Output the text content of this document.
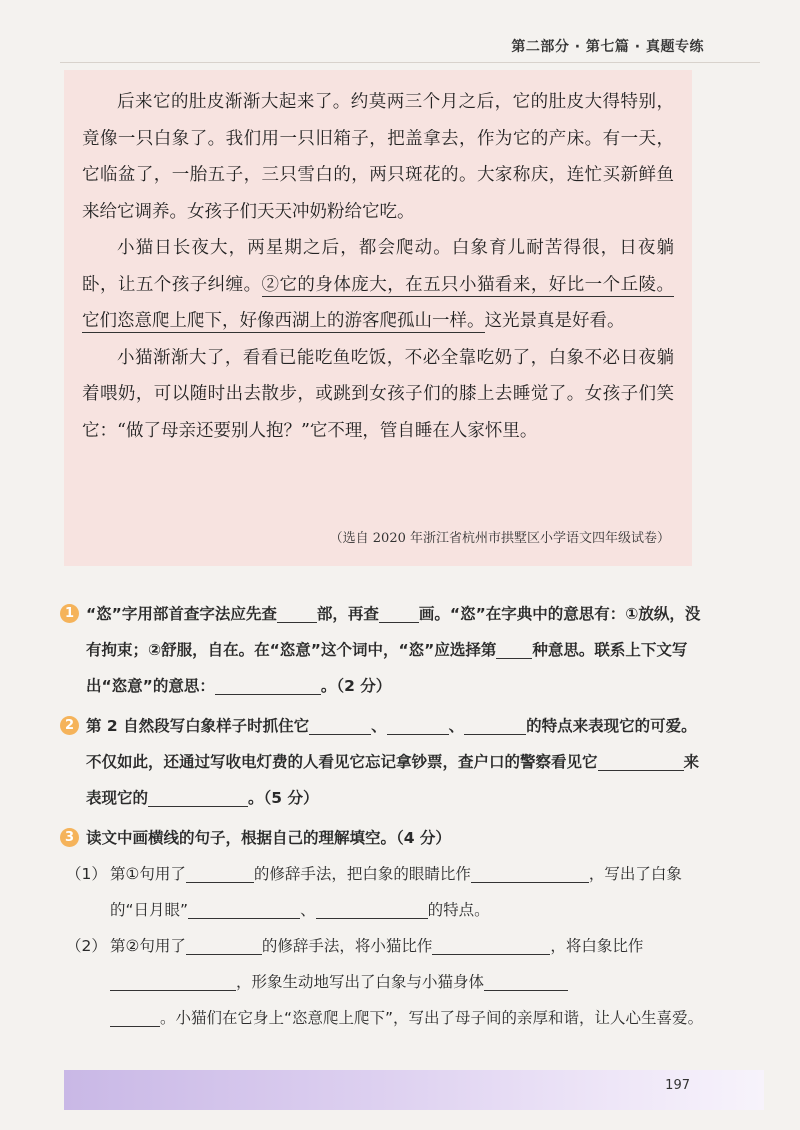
第二部分 · 第七篇 · 真题专练

后来它的肚皮渐渐大起来了。约莫两三个月之后，它的肚皮大得特别，竟像一只白象了。我们用一只旧箱子，把盖拿去，作为它的产床。有一天，它临盆了，一胎五子，三只雪白的，两只斑花的。大家称庆，连忙买新鲜鱼来给它调养。女孩子们天天冲奶粉给它吃。

小猫日长夜大，两星期之后，都会爬动。白象育儿耐苦得很，日夜躺卧，让五个孩子纠缠。②它的身体庞大，在五只小猫看来，好比一个丘陵。它们恣意爬上爬下，好像西湖上的游客爬孤山一样。这光景真是好看。

小猫渐渐大了，看看已能吃鱼吃饭，不必全靠吃奶了，白象不必日夜躺着喂奶，可以随时出去散步，或跳到女孩子们的膝上去睡觉了。女孩子们笑它：“做了母亲还要别人抱？”它不理，管自睡在人家怀里。

（选自 2020 年浙江省杭州市拱墅区小学语文四年级试卷）
1 “恣”字用部首查字法应先查	部，再查	画。“恣”在字典中的意思有：①放纵，没有拘束；②舒服，自在。在“恣意”这个词中，“恣”应选择第 种意思。联系上下文写出“恣意”的意思：	。（2 分）
2 第 2 自然段写白象样子时抓住它	、	、	的特点来表现它的可爱。不仅如此，还通过写收电灯费的人看见它忘记拿钞票，查户口的警察看见它	来表现它的	。（5 分）
3 读文中画横线的句子，根据自己的理解填空。（4 分）
（1） 第①句用了	的修辞手法，把白象的眼睛比作	，写出了白象的“日月眼”	、	的特点。
（2） 第②句用了	的修辞手法，将小猫比作	，将白象比作，形象生动地写出了白象与小猫身体
。小猫们在它身上“恣意爬上爬下”，写出了母子间的亲厚和谐，让人心生喜爱。
197
